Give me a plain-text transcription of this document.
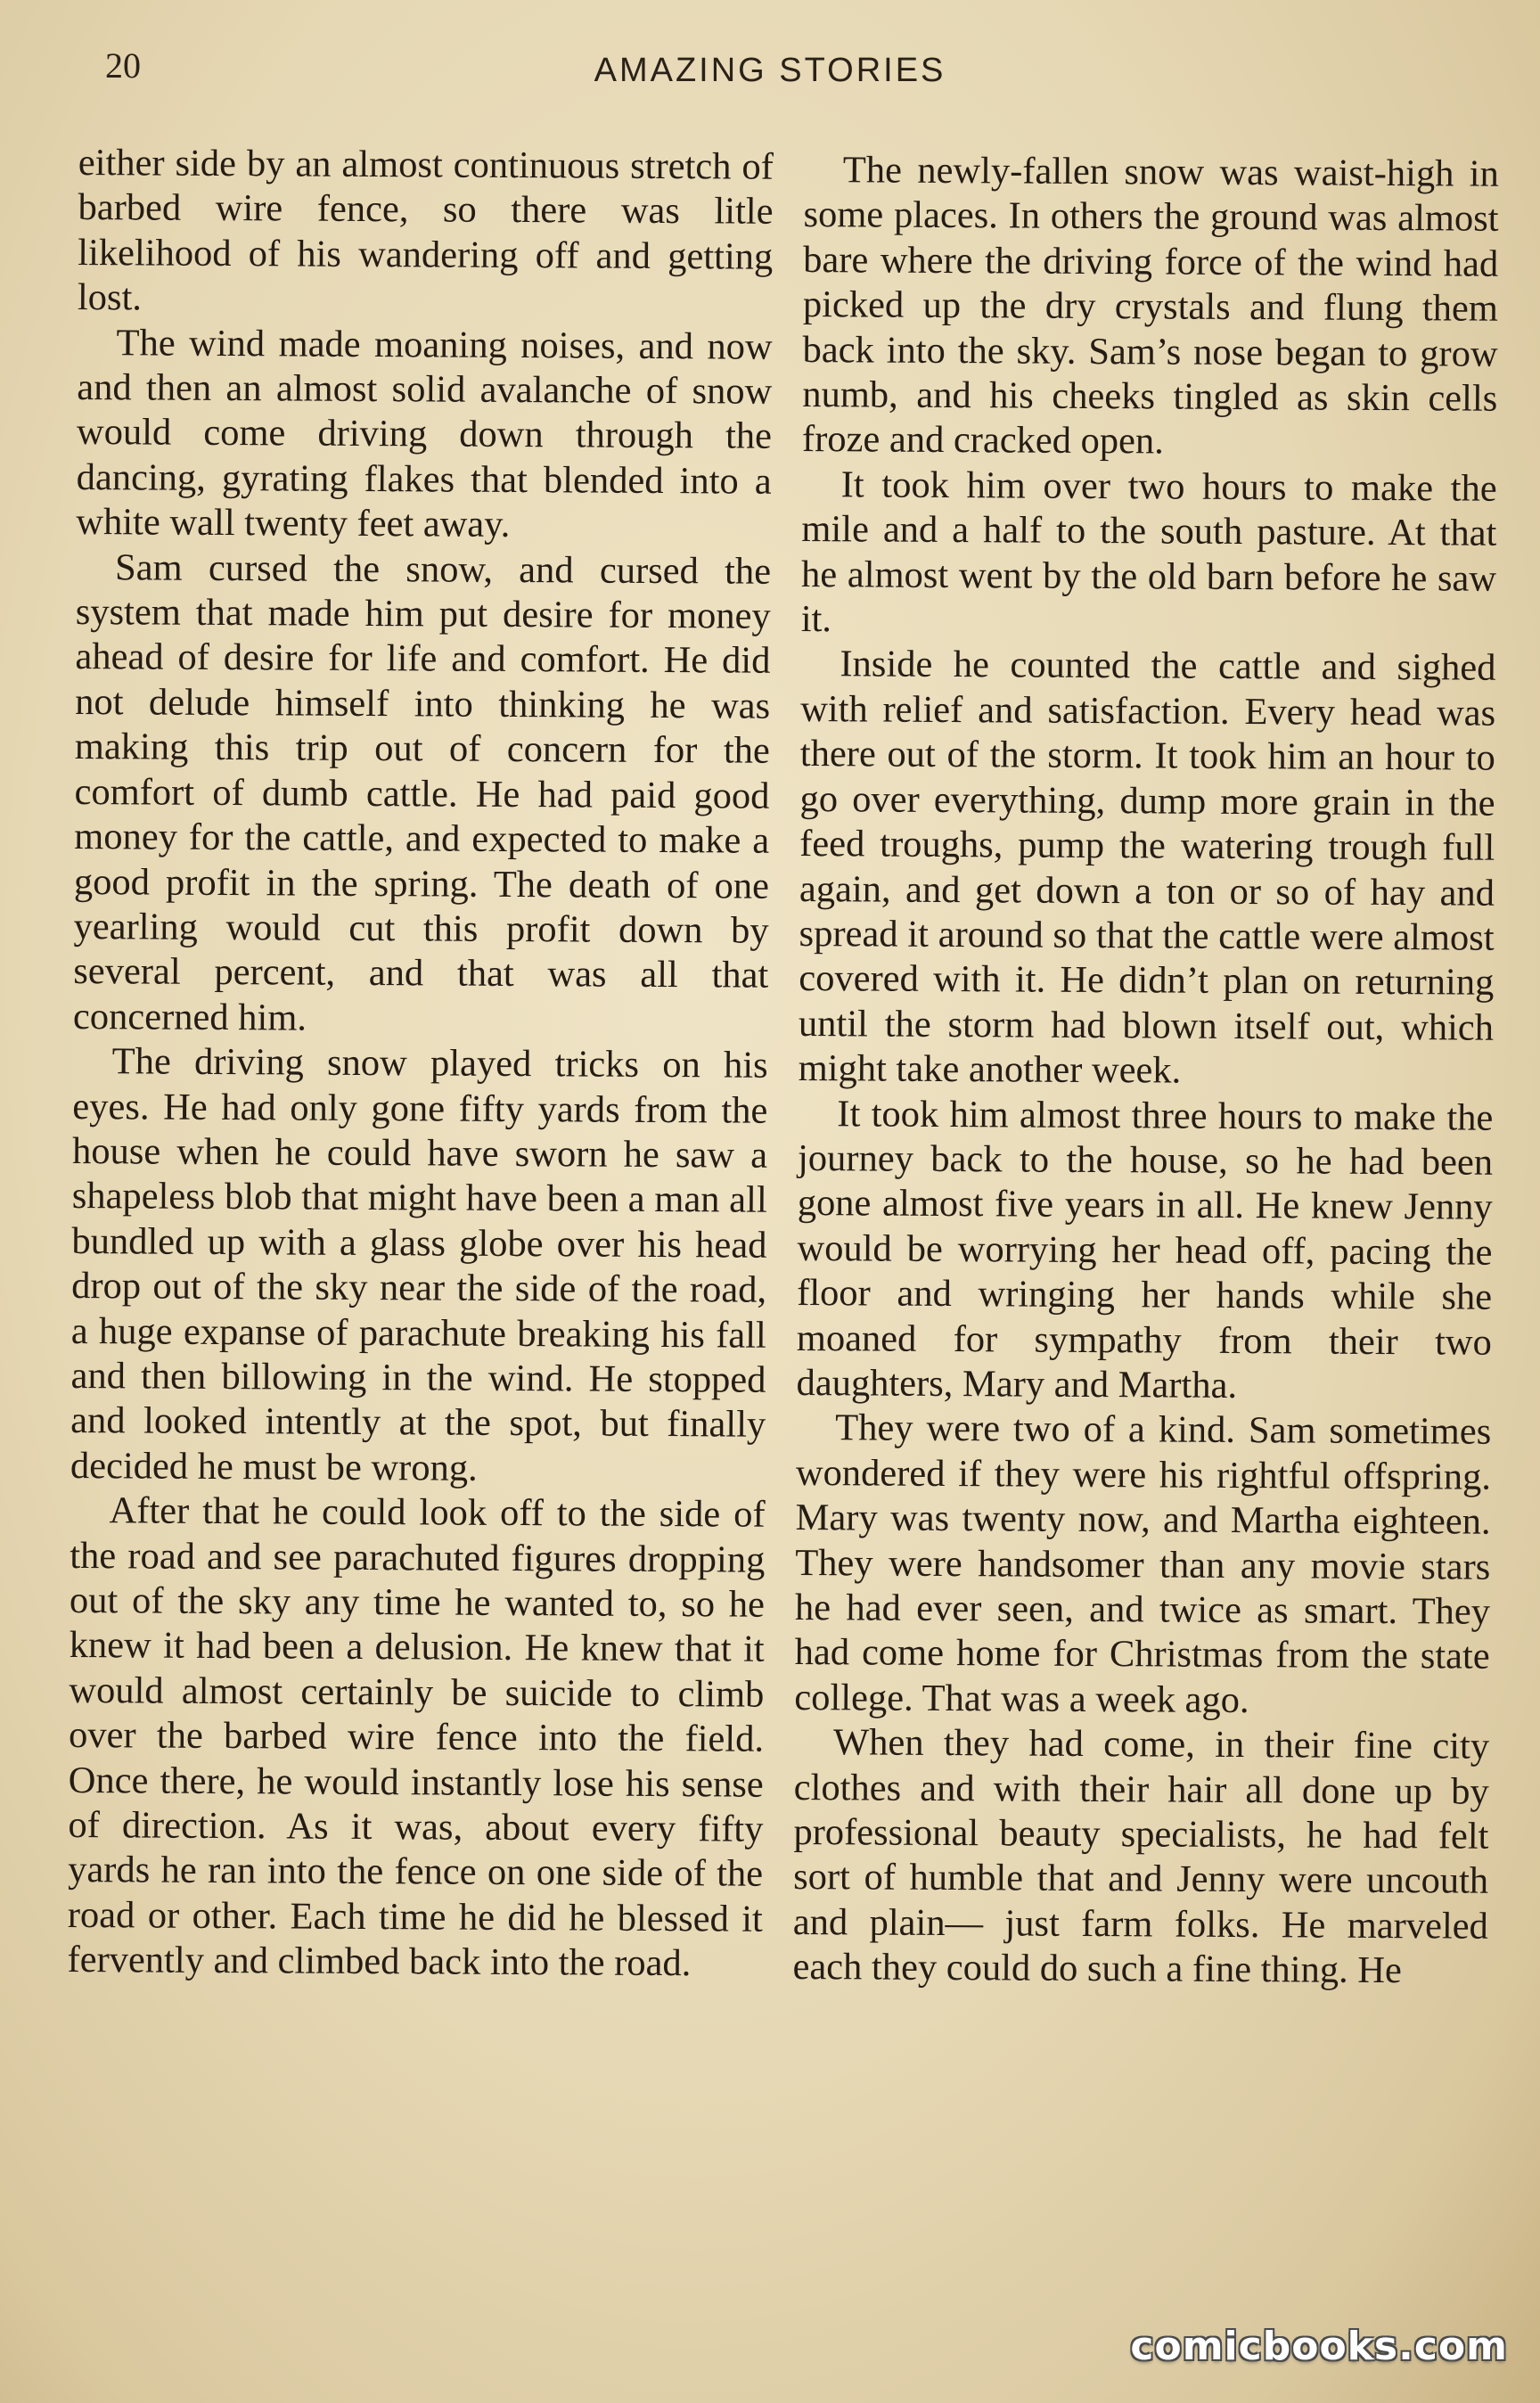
20	AMAZING STORIES

either side by an almost continuous stretch of barbed wire fence, so there was litle likelihood of his wandering off and getting lost.

The wind made moaning noises, and now and then an almost solid avalanche of snow would come driving down through the dancing, gyrating flakes that blended into a white wall twenty feet away.

Sam cursed the snow, and cursed the system that made him put desire for money ahead of desire for life and comfort. He did not delude himself into thinking he was making this trip out of concern for the comfort of dumb cattle. He had paid good money for the cattle, and expected to make a good profit in the spring. The death of one yearling would cut this profit down by several percent, and that was all that concerned him.

The driving snow played tricks on his eyes. He had only gone fifty yards from the house when he could have sworn he saw a shapeless blob that might have been a man all bundled up with a glass globe over his head drop out of the sky near the side of the road, a huge expanse of parachute breaking his fall and then billowing in the wind. He stopped and looked intently at the spot, but finally decided he must be wrong.

After that he could look off to the side of the road and see parachuted figures dropping out of the sky any time he wanted to, so he knew it had been a delusion. He knew that it would almost certainly be suicide to climb over the barbed wire fence into the field. Once there, he would instantly lose his sense of direction. As it was, about every fifty yards he ran into the fence on one side of the road or other. Each time he did he blessed it fervently and climbed back into the road.

The newly-fallen snow was waist-high in some places. In others the ground was almost bare where the driving force of the wind had picked up the dry crystals and flung them back into the sky. Sam’s nose began to grow numb, and his cheeks tingled as skin cells froze and cracked open.

It took him over two hours to make the mile and a half to the south pasture. At that he almost went by the old barn before he saw it.

Inside he counted the cattle and sighed with relief and satisfaction. Every head was there out of the storm. It took him an hour to go over everything, dump more grain in the feed troughs, pump the watering trough full again, and get down a ton or so of hay and spread it around so that the cattle were almost covered with it. He didn’t plan on returning until the storm had blown itself out, which might take another week.

It took him almost three hours to make the journey back to the house, so he had been gone almost five years in all. He knew Jenny would be worrying her head off, pacing the floor and wringing her hands while she moaned for sympathy from their two daughters, Mary and Martha.

They were two of a kind. Sam sometimes wondered if they were his rightful offspring. Mary was twenty now, and Martha eighteen. They were handsomer than any movie stars he had ever seen, and twice as smart. They had come home for Christmas from the state college. That was a week ago.

When they had come, in their fine city clothes and with their hair all done up by professional beauty specialists, he had felt sort of humble that and Jenny were uncouth and plain— just farm folks. He marveled each they could do such a fine thing. He

comicbooks.com
